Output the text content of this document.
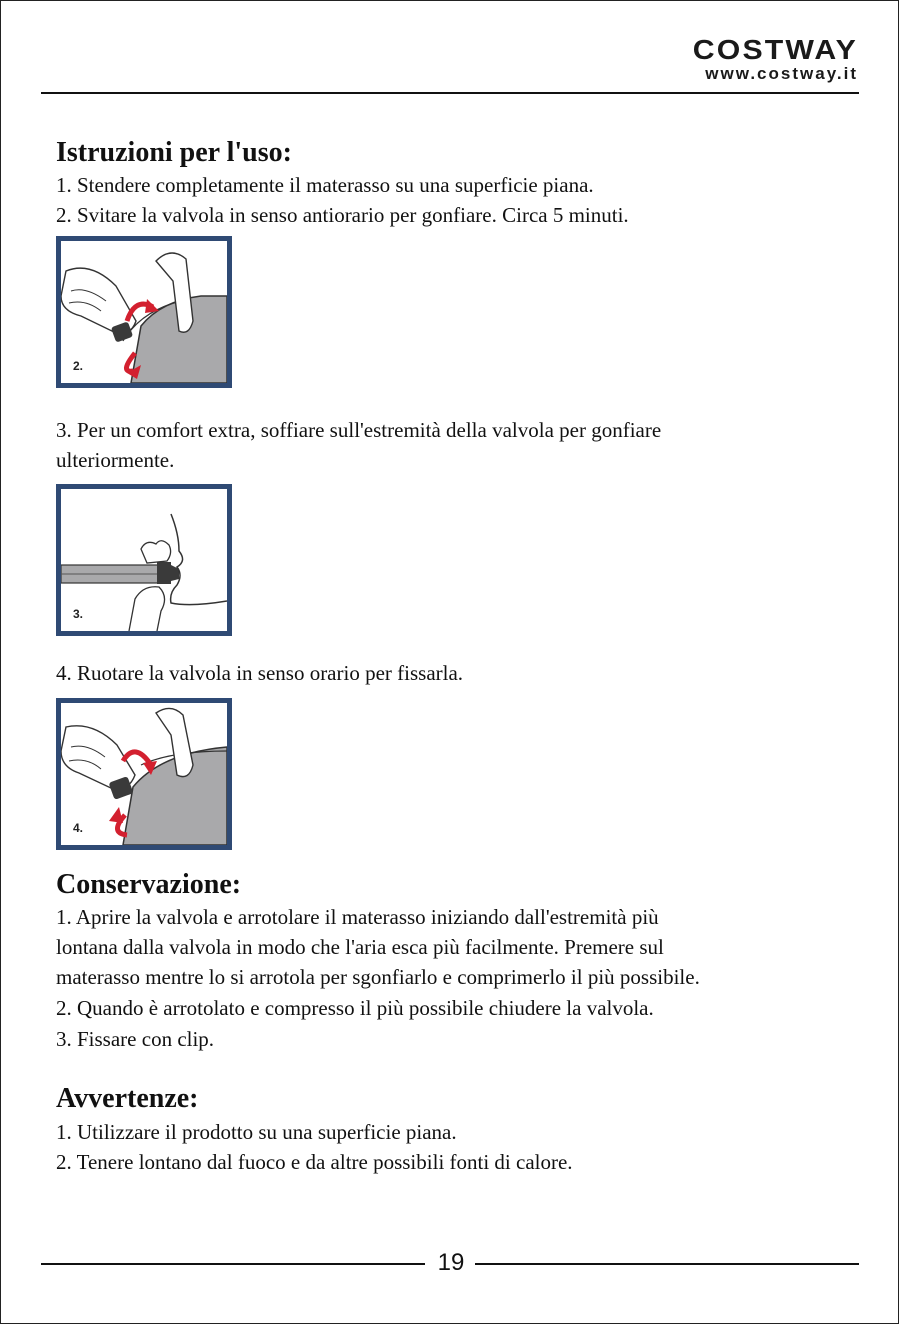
COSTWAY
www.costway.it
Istruzioni per l'uso:

1. Stendere completamente il materasso su una superficie piana.

2. Svitare la valvola in senso antiorario per gonfiare. Circa 5 minuti.

2.

3. Per un comfort extra, soffiare sull'estremità della valvola per gonfiare

ulteriormente.

3.

4. Ruotare la valvola in senso orario per fissarla.

4.
Conservazione:

1. Aprire la valvola e arrotolare il materasso iniziando dall'estremità più

lontana dalla valvola in modo che l'aria esca più facilmente. Premere sul

materasso mentre lo si arrotola per sgonfiarlo e comprimerlo il più possibile.

2. Quando è arrotolato e compresso il più possibile chiudere la valvola.

3. Fissare con clip.

Avvertenze:

1. Utilizzare il prodotto su una superficie piana.

2. Tenere lontano dal fuoco e da altre possibili fonti di calore.

19
